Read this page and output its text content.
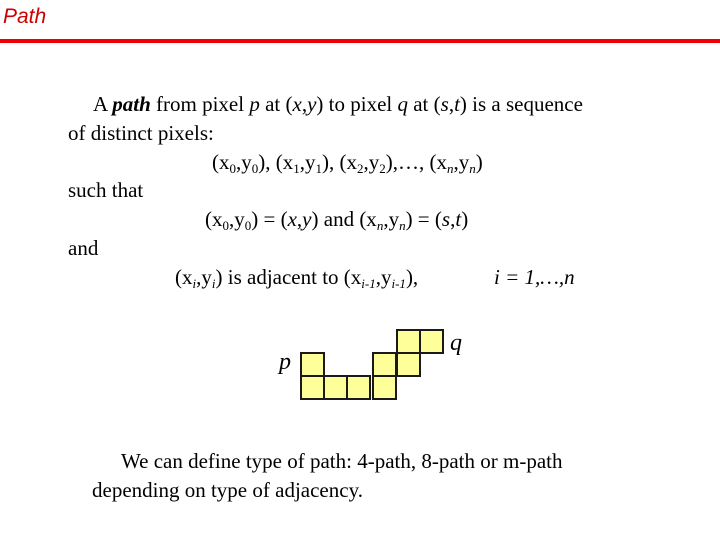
Path
A path from pixel p at (x,y) to pixel q at (s,t) is a sequence
of distinct pixels:
$(x_0,y_0)$, $(x_1,y_1)$, $(x_2,y_2),\dots$, $(x_n,y_n)$
such that
$(x_0,y_0) = (x,y)$ and $(x_n,y_n) = (s,t)$
and
$(x_i,y_i)$ is adjacent to $(x_{i-1},y_{i-1})$,	i = 1,…,n
p
q
We can define type of path: 4-path, 8-path or m-path
depending on type of adjacency.
